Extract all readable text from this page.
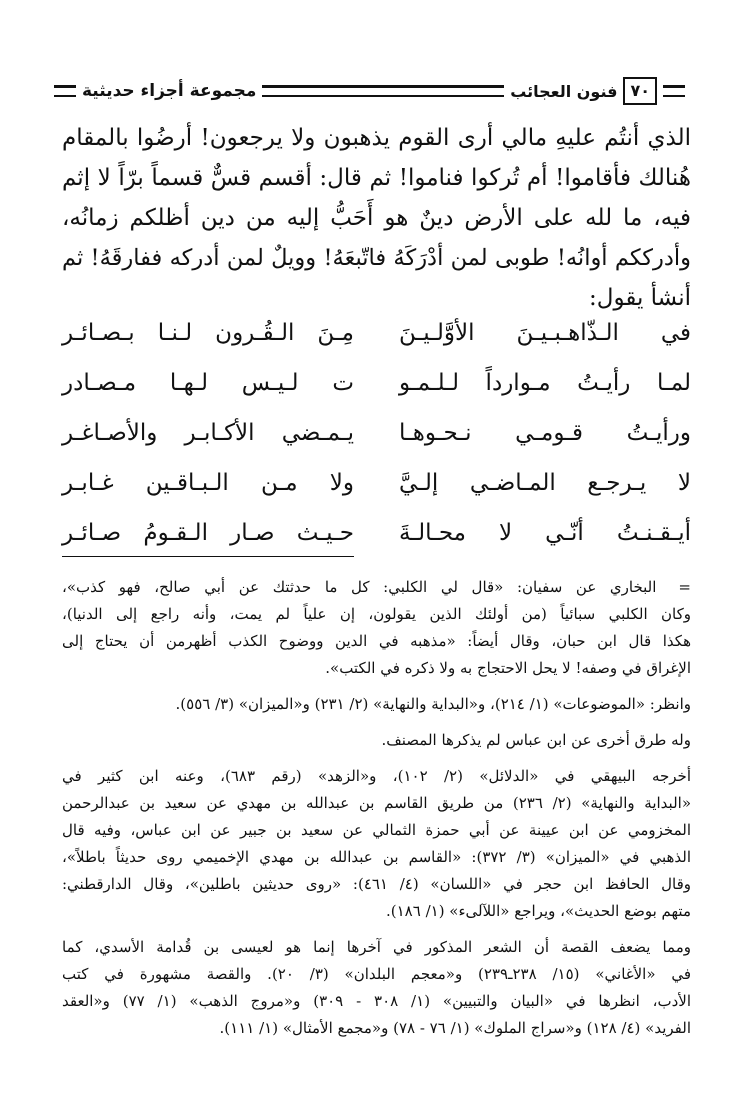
مجموعة أجزاء حديثية	فنون العجائب ٧٠
الذي أنتُم عليهِ مالي أرى القوم يذهبون ولا يرجعون! أرضُوا بالمقام
هُنالك فأقاموا! أم تُركوا فناموا! ثم قال: أقسم قسٌّ قسماً برّاً لا إثم
فيه، ما لله على الأرض دينٌ هو أَحَبُّ إليه من دين أظلكم زمانُه،
وأدرككم أوانُه! طوبى لمن أدْرَكَهُ فاتّبعَهُ! وويلٌ لمن أدركه ففارقَهُ! ثم
أنشأ يقول:
في الـذّاهـبـيـنَ الأوَّلـيـنَ
مِـنَ الـقُـرون لـنـا بـصـائـر
لمـا رأيـتُ مـوارداً لـلـمـو
ت لـيـس لـهـا مـصـادر
ورأيـتُ قـومـي نـحـوهـا
يـمـضي الأكـابـر والأصـاغـر
لا يـرجـع المـاضـي إلـيَّ
ولا مـن الـبـاقـين غـابـر
أيـقـنـتُ أنّـي لا محـالـةَ
حـيـث صـار الـقـومُ صـائـر
=البخاري عن سفيان: «قال لي الكلبي: كل ما حدثتك عن أبي صالح، فهو كذب»،
وكان الكلبي سبائياً (من أولئك الذين يقولون، إن علياً لم يمت، وأنه راجع إلى الدنيا)،
هكذا قال ابن حبان، وقال أيضاً: «مذهبه في الدين ووضوح الكذب أظهرمن أن يحتاج إلى
الإغراق في وصفه! لا يحل الاحتجاج به ولا ذكره في الكتب».
وانظر: «الموضوعات» (١/ ٢١٤)، و«البداية والنهاية» (٢/ ٢٣١) و«الميزان» (٣/ ٥٥٦).
وله طرق أخرى عن ابن عباس لم يذكرها المصنف.
أخرجه البيهقي في «الدلائل» (٢/ ١٠٢)، و«الزهد» (رقم ٦٨٣)، وعنه ابن كثير في
«البداية والنهاية» (٢/ ٢٣٦) من طريق القاسم بن عبدالله بن مهدي عن سعيد بن عبدالرحمن
المخزومي عن ابن عيينة عن أبي حمزة الثمالي عن سعيد بن جبير عن ابن عباس، وفيه قال
الذهبي في «الميزان» (٣/ ٣٧٢): «القاسم بن عبدالله بن مهدي الإخميمي روى حديثاً باطلاً»،
وقال الحافظ ابن حجر في «اللسان» (٤/ ٤٦١): «روى حديثين باطلين»، وقال الدارقطني:
متهم بوضع الحديث»، ويراجع «اللآلىء» (١/ ١٨٦).
ومما يضعف القصة أن الشعر المذكور في آخرها إنما هو لعيسى بن قُدامة الأسدي، كما
في «الأغاني» (١٥/ ٢٣٨ـ٢٣٩) و«معجم البلدان» (٣/ ٢٠). والقصة مشهورة في كتب
الأدب، انظرها في «البيان والتبيين» (١/ ٣٠٨ - ٣٠٩) و«مروج الذهب» (١/ ٧٧) و«العقد
الفريد» (٤/ ١٢٨) و«سراج الملوك» (١/ ٧٦ - ٧٨) و«مجمع الأمثال» (١/ ١١١).
